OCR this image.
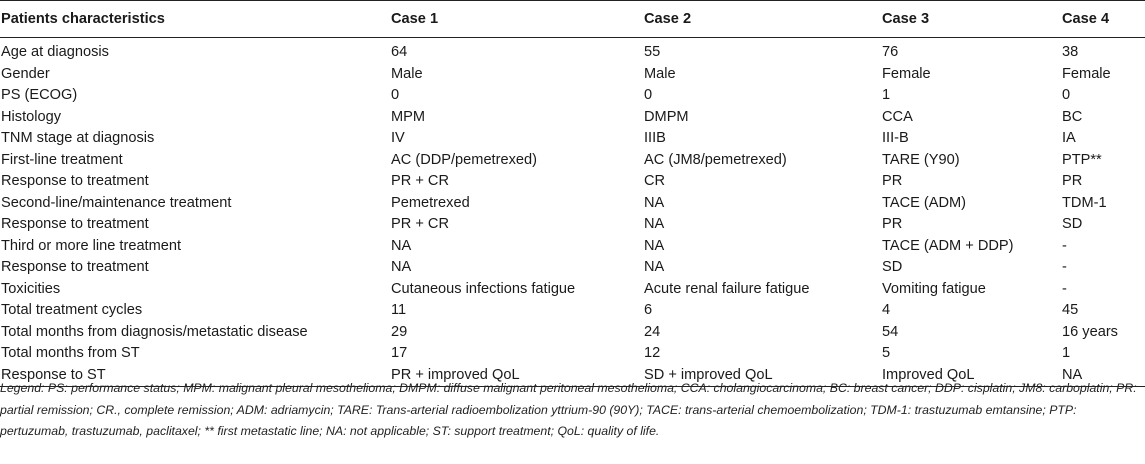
Patients characteristics	Case 1	Case 2	Case 3	Case 4
Age at diagnosis	64	55	76	38
Gender	Male	Male	Female	Female
PS (ECOG)	0	0	1	0
Histology	MPM	DMPM	CCA	BC
TNM stage at diagnosis	IV	IIIB	III-B	IA
First-line treatment	AC (DDP/pemetrexed)	AC (JM8/pemetrexed)	TARE (Y90)	PTP**
Response to treatment	PR + CR	CR	PR	PR
Second-line/maintenance treatment	Pemetrexed	NA	TACE (ADM)	TDM-1
Response to treatment	PR + CR	NA	PR	SD
Third or more line treatment	NA	NA	TACE (ADM + DDP)	-
Response to treatment	NA	NA	SD	-
Toxicities	Cutaneous infections fatigue	Acute renal failure fatigue	Vomiting fatigue	-
Total treatment cycles	11	6	4	45
Total months from diagnosis/metastatic disease	29	24	54	16 years
Total months from ST	17	12	5	1
Response to ST	PR + improved QoL	SD + improved QoL	Improved QoL	NA
Legend: PS: performance status; MPM: malignant pleural mesothelioma; DMPM: diffuse malignant peritoneal mesothelioma; CCA: cholangiocarcinoma; BC: breast cancer; DDP: cisplatin; JM8: carboplatin; PR: partial remission; CR., complete remission; ADM: adriamycin; TARE: Trans-arterial radioembolization yttrium-90 (90Y); TACE: trans-arterial chemoembolization; TDM-1: trastuzumab emtansine; PTP: pertuzumab, trastuzumab, paclitaxel; ** first metastatic line; NA: not applicable; ST: support treatment; QoL: quality of life.
